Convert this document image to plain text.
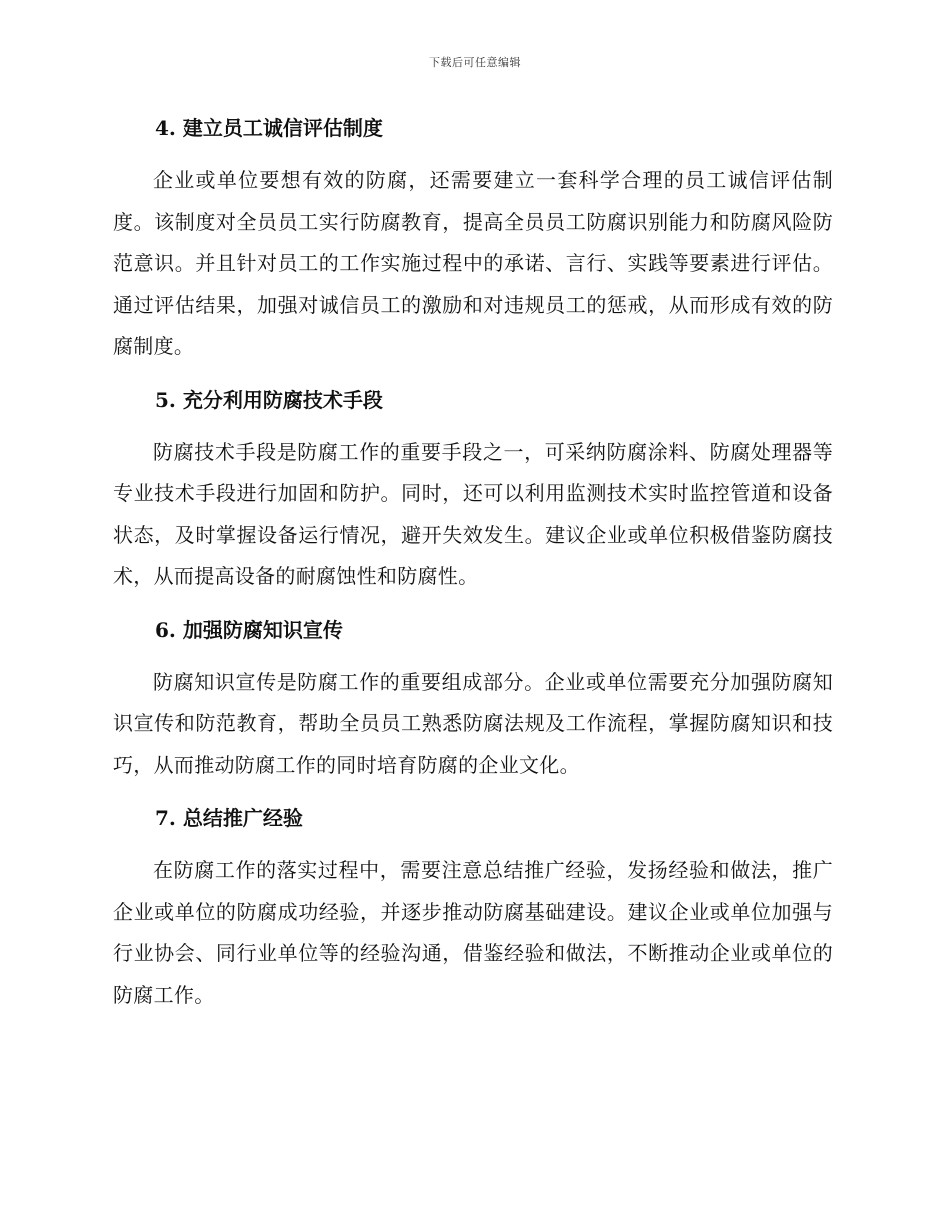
下载后可任意编辑
4. 建立员工诚信评估制度

企业或单位要想有效的防腐，还需要建立一套科学合理的员工诚信评估制度。该制度对全员员工实行防腐教育，提高全员员工防腐识别能力和防腐风险防范意识。并且针对员工的工作实施过程中的承诺、言行、实践等要素进行评估。通过评估结果，加强对诚信员工的激励和对违规员工的惩戒，从而形成有效的防腐制度。

5. 充分利用防腐技术手段

防腐技术手段是防腐工作的重要手段之一，可采纳防腐涂料、防腐处理器等专业技术手段进行加固和防护。同时，还可以利用监测技术实时监控管道和设备状态，及时掌握设备运行情况，避开失效发生。建议企业或单位积极借鉴防腐技术，从而提高设备的耐腐蚀性和防腐性。

6. 加强防腐知识宣传

防腐知识宣传是防腐工作的重要组成部分。企业或单位需要充分加强防腐知识宣传和防范教育，帮助全员员工熟悉防腐法规及工作流程，掌握防腐知识和技巧，从而推动防腐工作的同时培育防腐的企业文化。

7. 总结推广经验

在防腐工作的落实过程中，需要注意总结推广经验，发扬经验和做法，推广企业或单位的防腐成功经验，并逐步推动防腐基础建设。建议企业或单位加强与行业协会、同行业单位等的经验沟通，借鉴经验和做法，不断推动企业或单位的防腐工作。
